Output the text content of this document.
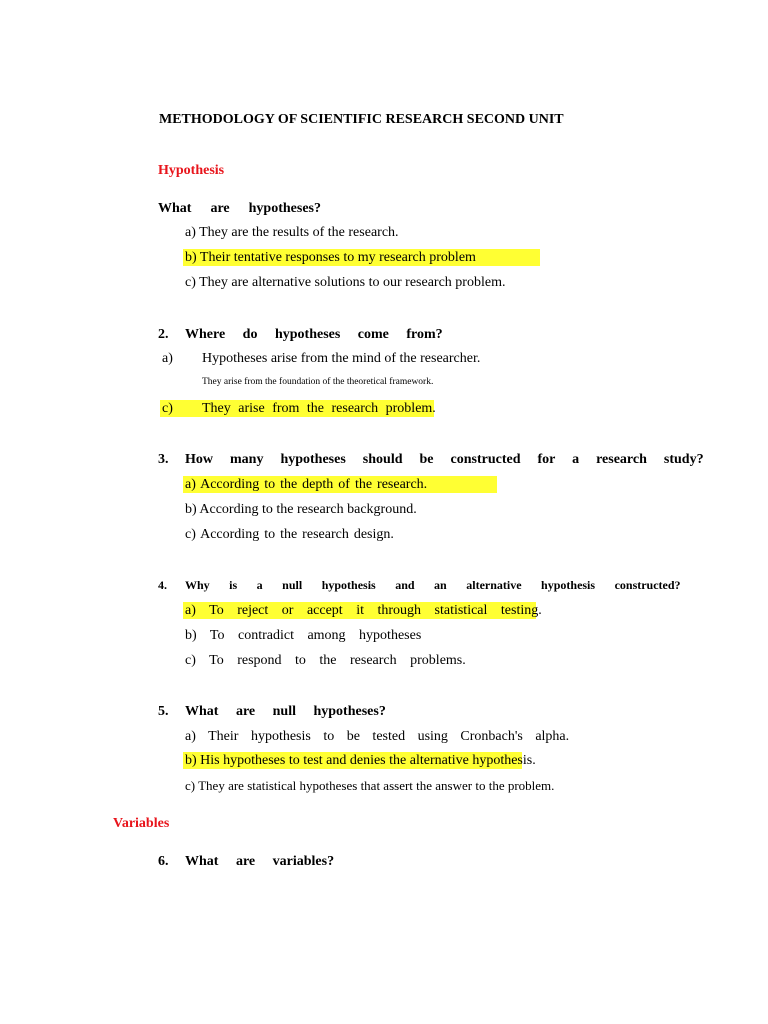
METHODOLOGY OF SCIENTIFIC RESEARCH SECOND UNIT
Hypothesis
What are hypotheses?
a) They are the results of the research.
b) Their tentative responses to my research problem
c) They are alternative solutions to our research problem.
2. Where do hypotheses come from?
a) Hypotheses arise from the mind of the researcher.
They arise from the foundation of the theoretical framework.
c) They arise from the research problem.
3. How many hypotheses should be constructed for a research study?
a) According to the depth of the research.
b) According to the research background.
c) According to the research design.
4. Why is a null hypothesis and an alternative hypothesis constructed?
a) To reject or accept it through statistical testing.
b) To contradict among hypotheses
c) To respond to the research problems.
5. What are null hypotheses?
a) Their hypothesis to be tested using Cronbach's alpha.
b) His hypotheses to test and denies the alternative hypothesis.
c) They are statistical hypotheses that assert the answer to the problem.
Variables
6. What are variables?
